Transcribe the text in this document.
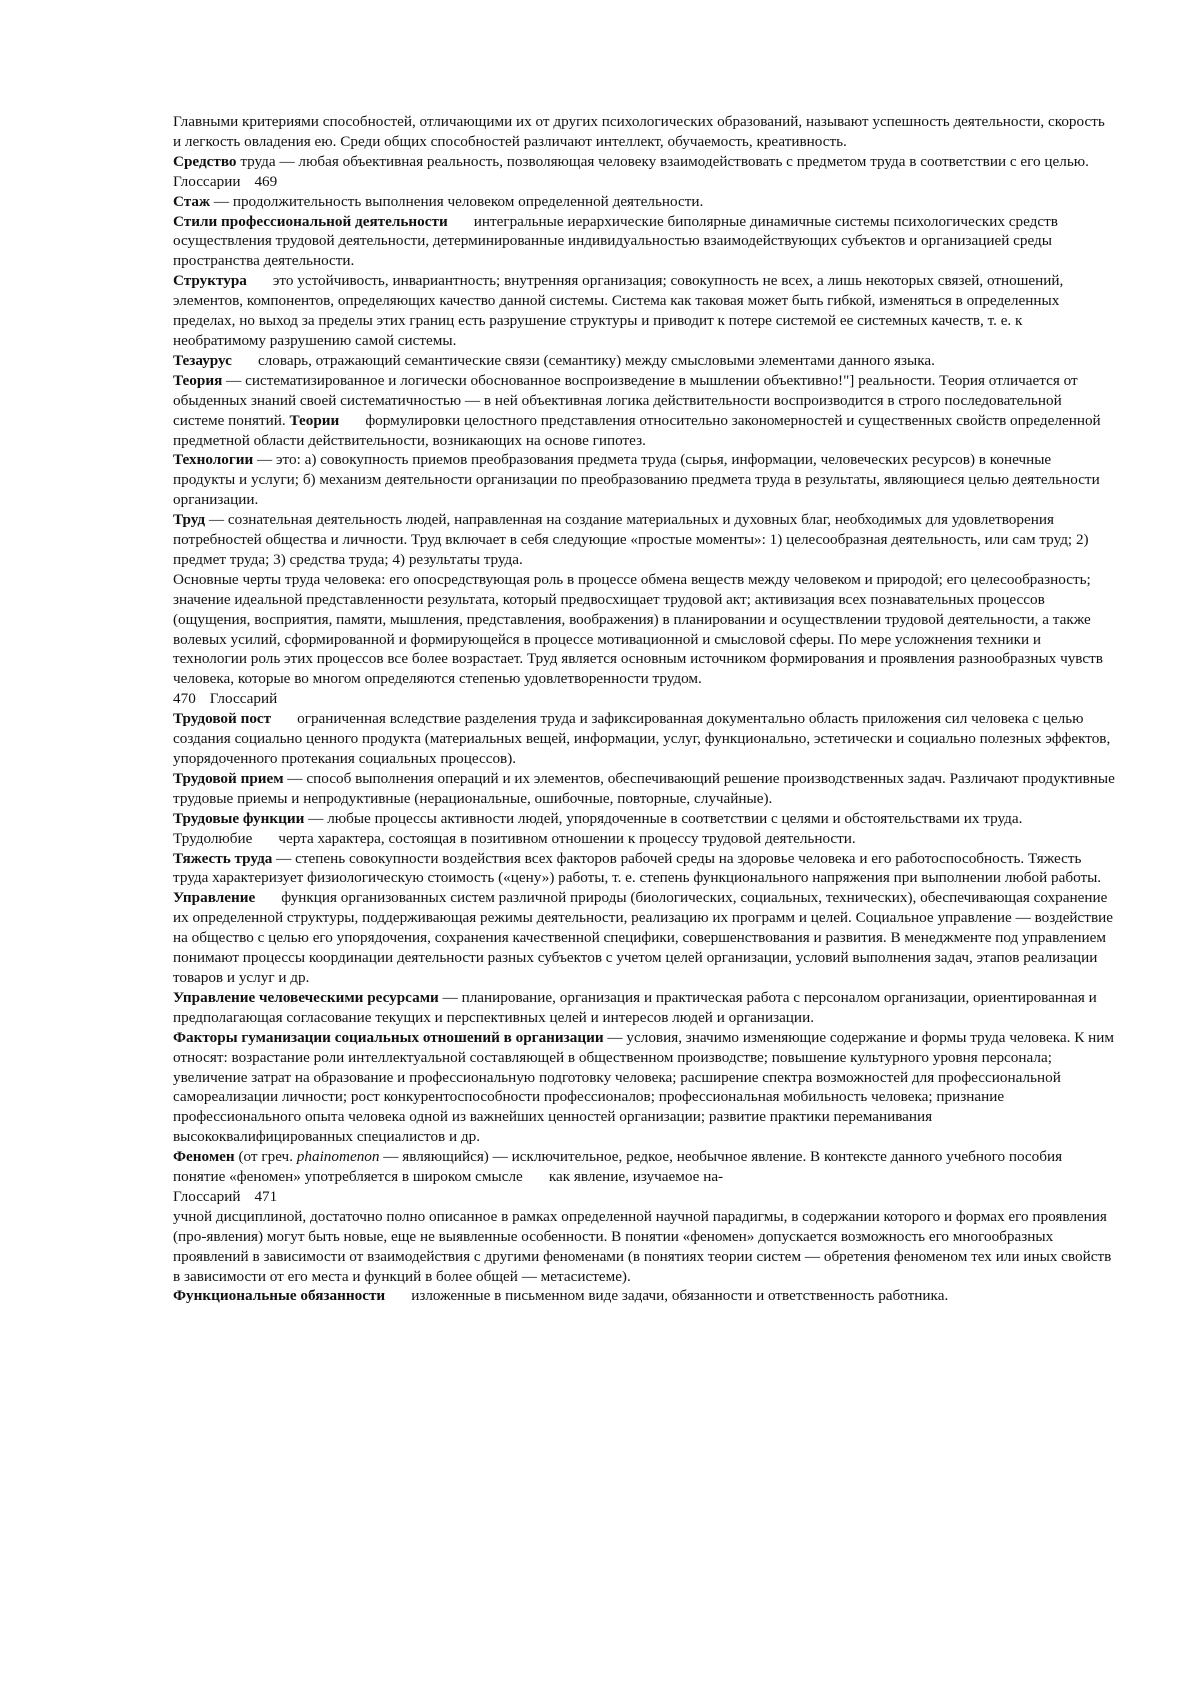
Главными критериями способностей, отличающими их от других психологических образований, называют успешность деятельности, скорость и легкость овладения ею. Среди общих способностей различают интеллект, обучаемость, креативность.

Средство труда — любая объективная реальность, позволяющая человеку взаимодействовать с предметом труда в соответствии с его целью.

Глоссарии 469

Стаж — продолжительность выполнения человеком определенной деятельности.

Стили профессиональной деятельности интегральные иерархические биполярные динамичные системы психологических средств осуществления трудовой деятельности, детерминированные индивидуальностью взаимодействующих субъектов и организацией среды пространства деятельности.

Структура это устойчивость, инвариантность; внутренняя организация; совокупность не всех, а лишь некоторых связей, отношений, элементов, компонентов, определяющих качество данной системы. Система как таковая может быть гибкой, изменяться в определенных пределах, но выход за пределы этих границ есть разрушение структуры и приводит к потере системой ее системных качеств, т. е. к необратимому разрушению самой системы.

Тезаурус словарь, отражающий семантические связи (семантику) между смысловыми элементами данного языка.

Теория — систематизированное и логически обоснованное воспроизведение в мышлении объективно!"] реальности. Теория отличается от обыденных знаний своей систематичностью — в ней объективная логика действительности воспроизводится в строго последовательной системе понятий. Теории формулировки целостного представления относительно закономерностей и существенных свойств определенной предметной области действительности, возникающих на основе гипотез.

Технологии — это: а) совокупность приемов преобразования предмета труда (сырья, информации, человеческих ресурсов) в конечные продукты и услуги; б) механизм деятельности организации по преобразованию предмета труда в результаты, являющиеся целью деятельности организации.

Труд — сознательная деятельность людей, направленная на создание материальных и духовных благ, необходимых для удовлетворения потребностей общества и личности. Труд включает в себя следующие «простые моменты»: 1) целесообразная деятельность, или сам труд; 2) предмет труда; 3) средства труда; 4) результаты труда.

Основные черты труда человека: его опосредствующая роль в процессе обмена веществ между человеком и природой; его целесообразность; значение идеальной представленности результата, который предвосхищает трудовой акт; активизация всех познавательных процессов (ощущения, восприятия, памяти, мышления, представления, воображения) в планировании и осуществлении трудовой деятельности, а также волевых усилий, сформированной и формирующейся в процессе мотивационной и смысловой сферы. По мере усложнения техники и технологии роль этих процессов все более возрастает. Труд является основным источником формирования и проявления разнообразных чувств человека, которые во многом определяются степенью удовлетворенности трудом.

470 Глоссарий

Трудовой пост ограниченная вследствие разделения труда и зафиксированная документально область приложения сил человека с целью создания социально ценного продукта (материальных вещей, информации, услуг, функционально, эстетически и социально полезных эффектов, упорядоченного протекания социальных процессов).

Трудовой прием — способ выполнения операций и их элементов, обеспечивающий решение производственных задач. Различают продуктивные трудовые приемы и непродуктивные (нерациональные, ошибочные, повторные, случайные).

Трудовые функции — любые процессы активности людей, упорядоченные в соответствии с целями и обстоятельствами их труда.

Трудолюбие черта характера, состоящая в позитивном отношении к процессу трудовой деятельности.

Тяжесть труда — степень совокупности воздействия всех факторов рабочей среды на здоровье человека и его работоспособность. Тяжесть труда характеризует физиологическую стоимость («цену») работы, т. е. степень функционального напряжения при выполнении любой работы.

Управление функция организованных систем различной природы (биологических, социальных, технических), обеспечивающая сохранение их определенной структуры, поддерживающая режимы деятельности, реализацию их программ и целей. Социальное управление — воздействие на общество с целью его упорядочения, сохранения качественной специфики, совершенствования и развития. В менеджменте под управлением понимают процессы координации деятельности разных субъектов с учетом целей организации, условий выполнения задач, этапов реализации товаров и услуг и др.

Управление человеческими ресурсами — планирование, организация и практическая работа с персоналом организации, ориентированная и предполагающая согласование текущих и перспективных целей и интересов людей и организации.

Факторы гуманизации социальных отношений в организации — условия, значимо изменяющие содержание и формы труда человека. К ним относят: возрастание роли интеллектуальной составляющей в общественном производстве; повышение культурного уровня персонала; увеличение затрат на образование и профессиональную подготовку человека; расширение спектра возможностей для профессиональной самореализации личности; рост конкурентоспособности профессионалов; профессиональная мобильность человека; признание профессионального опыта человека одной из важнейших ценностей организации; развитие практики переманивания высококвалифицированных специалистов и др.

Феномен (от греч. phainomenon — являющийся) — исключительное, редкое, необычное явление. В контексте данного учебного пособия понятие «феномен» употребляется в широком смысле как явление, изучаемое на-

Глоссарий 471

учной дисциплиной, достаточно полно описанное в рамках определенной научной парадигмы, в содержании которого и формах его проявления (про-явления) могут быть новые, еще не выявленные особенности. В понятии «феномен» допускается возможность его многообразных проявлений в зависимости от взаимодействия с другими феноменами (в понятиях теории систем — обретения феноменом тех или иных свойств в зависимости от его места и функций в более общей — метасистеме).

Функциональные обязанности изложенные в письменном виде задачи, обязанности и ответственность работника.
